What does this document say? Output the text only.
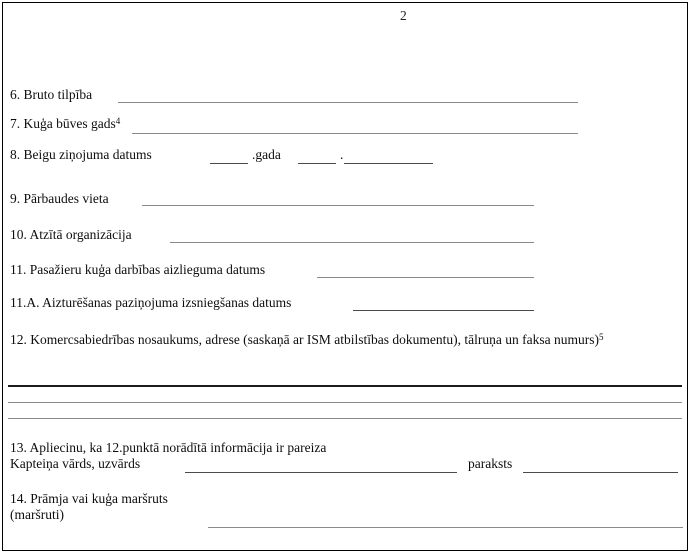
2
6. Bruto tilpība
7. Kuģa būves gads$^4$
8. Beigu ziņojuma datums	.gada	.
9. Pārbaudes vieta
10. Atzītā organizācija
11. Pasažieru kuģa darbības aizlieguma datums
11.A. Aizturēšanas paziņojuma izsniegšanas datums
12. Komercsabiedrības nosaukums, adrese (saskaņā ar ISM atbilstības dokumentu), tālruņa un faksa numurs)$^5$
13. Apliecinu, ka 12.punktā norādītā informācija ir pareiza
Kapteiņa vārds, uzvārds	paraksts
14. Prāmja vai kuģa maršruts
(maršruti)
